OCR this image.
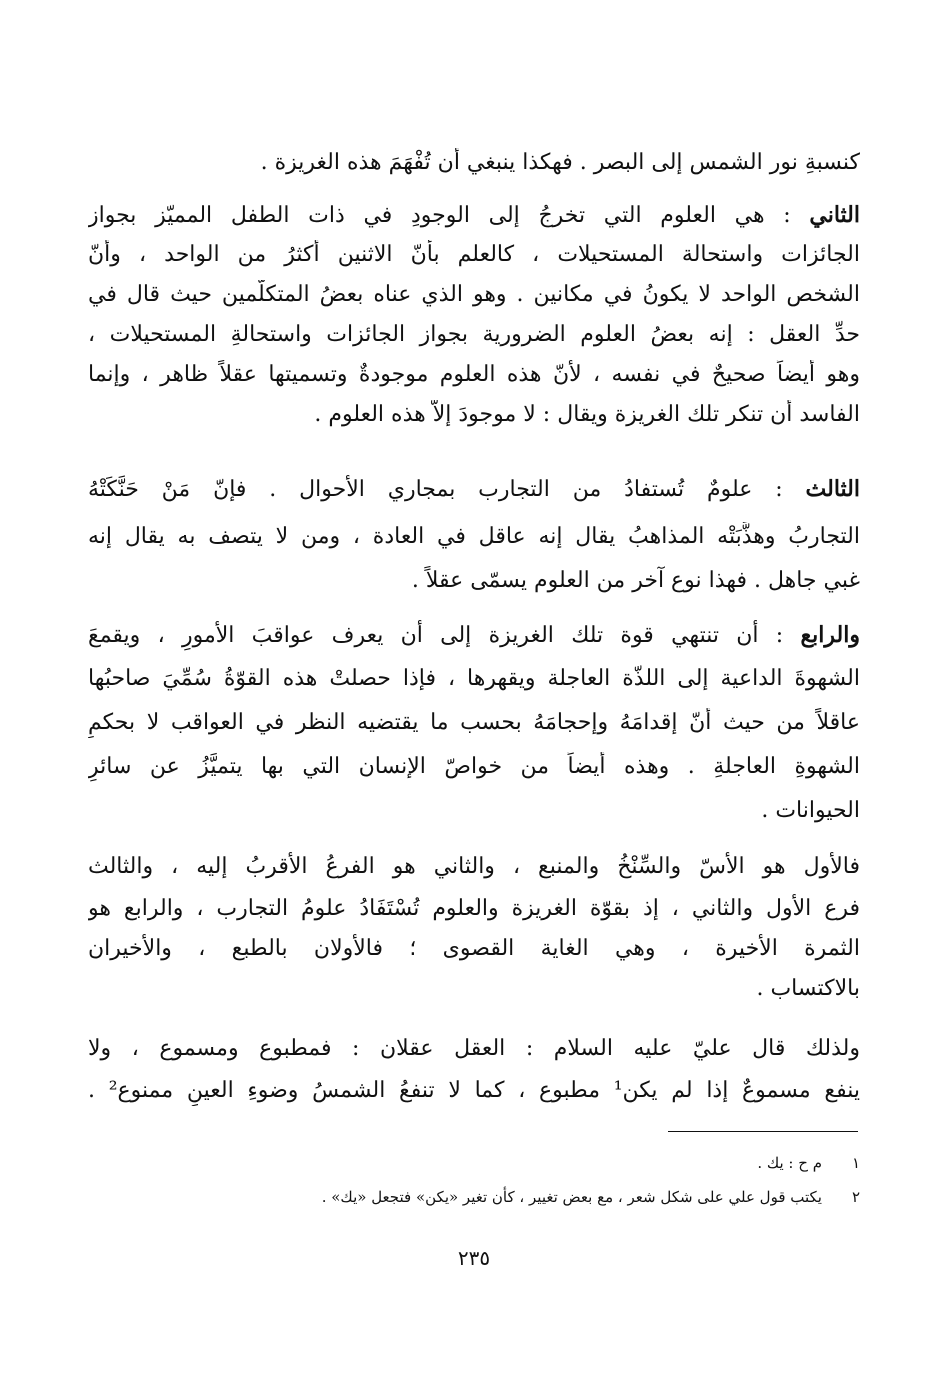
كنسبةِ نور الشمس إلى البصر . فهكذا ينبغي أن تُفْهَمَ هذه الغريزة .
الثاني : هي العلوم التي تخرجُ إلى الوجودِ في ذات الطفل المميّز بجواز
الجائزات واستحالة المستحيلات ، كالعلم بأنّ الاثنين أكثرُ من الواحد ، وأنّ
الشخص الواحد لا يكونُ في مكانين . وهو الذي عناه بعضُ المتكلّمين حيث قال في
حدِّ العقل : إنه بعضُ العلوم الضرورية بجواز الجائزات واستحالةِ المستحيلات ،
وهو أيضاً صحيحٌ في نفسه ، لأنّ هذه العلوم موجودةٌ وتسميتها عقلاً ظاهر ، وإنما
الفاسد أن تنكر تلك الغريزة ويقال : لا موجودَ إلاّ هذه العلوم .
الثالث : علومٌ تُستفادُ من التجارب بمجاري الأحوال . فإنّ مَنْ حَنَّكَتْهُ
التجاربُ وهذَّبَتْه المذاهبُ يقال إنه عاقل في العادة ، ومن لا يتصف به يقال إنه
غبي جاهل . فهذا نوع آخر من العلوم يسمّى عقلاً .
والرابع : أن تنتهي قوة تلك الغريزة إلى أن يعرف عواقبَ الأمورِ ، ويقمعَ
الشهوةَ الداعية إلى اللذّة العاجلة ويقهرها ، فإذا حصلتْ هذه القوّةُ سُمِّيَ صاحبُها
عاقلاً من حيث أنّ إقدامَهُ وإحجامَهُ بحسب ما يقتضيه النظر في العواقب لا بحكمِ
الشهوةِ العاجلةِ . وهذه أيضاً من خواصّ الإنسان التي بها يتميَّزُ عن سائرِ
الحيوانات .
فالأول هو الأُسّ والسِّنْخُ والمنبع ، والثاني هو الفرعُ الأقربُ إليه ، والثالث
فرع الأول والثاني ، إذ بقوّة الغريزة والعلوم تُسْتَفَادُ علومُ التجارب ، والرابع هو
الثمرة الأخيرة ، وهي الغاية القصوى ؛ فالأولان بالطبع ، والأخيران
بالاكتساب .
ولذلك قال عليّ عليه السلام : العقل عقلان : فمطبوع ومسموع ، ولا
ينفع مسموعٌ إذا لم يكن¹ مطبوع ، كما لا تنفعُ الشمسُ وضوءِ العينِ ممنوع² .
١م ح : يك .
٢يكتب قول علي على شكل شعر ، مع بعض تغيير ، كأن تغير «يكن» فتجعل «يك» .
٢٣٥
